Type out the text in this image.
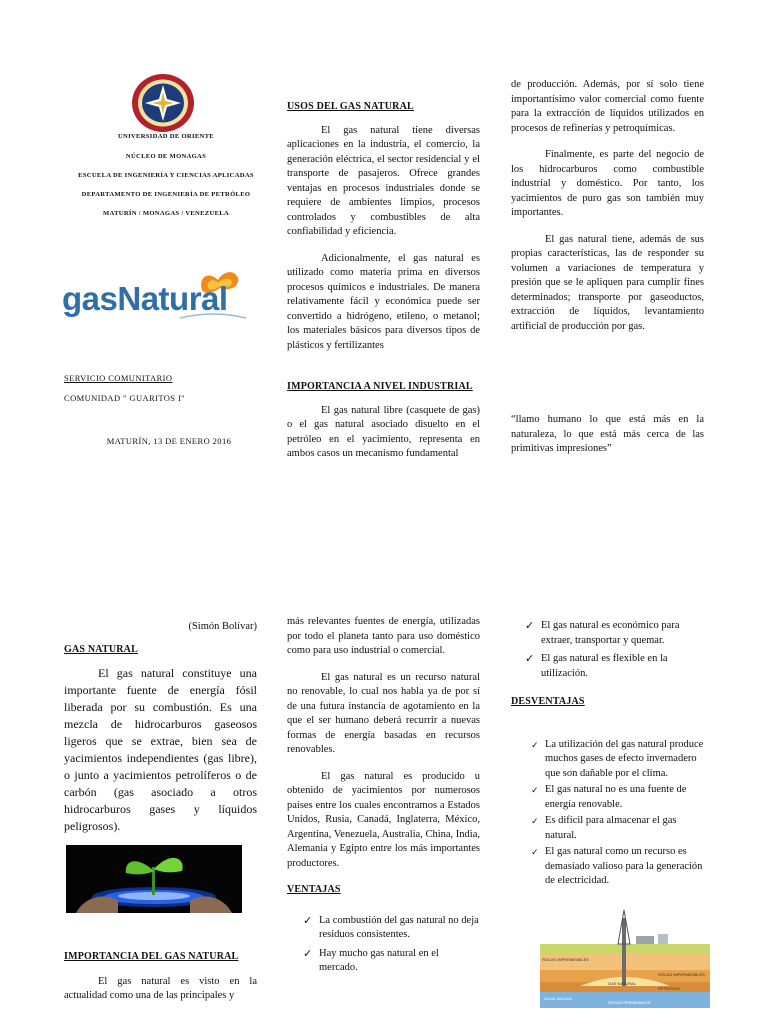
UNIVERSIDAD DE ORIENTE
NÚCLEO DE MONAGAS
ESCUELA DE INGENIERÍA Y CIENCIAS APLICADAS
DEPARTAMENTO DE INGENIERÍA DE PETRÓLEO
MATURÍN / MONAGAS / VENEZUELA
gasNatural
SERVICIO COMUNITARIO
COMUNIDAD " GUARITOS I"
MATURÍN, 13 DE ENERO 2016
USOS DEL GAS NATURAL

El gas natural tiene diversas aplicaciones en la industria, el comercio, la generación eléctrica, el sector residencial y el transporte de pasajeros. Ofrece grandes ventajas en procesos industriales donde se requiere de ambientes limpios, procesos controlados y combustibles de alta confiabilidad y eficiencia.

Adicionalmente, el gas natural es utilizado como materia prima en diversos procesos químicos e industriales. De manera relativamente fácil y económica puede ser convertido a hidrógeno, etileno, o metanol; los materiales básicos para diversos tipos de plásticos y fertilizantes

IMPORTANCIA A NIVEL INDUSTRIAL

El gas natural libre (casquete de gas) o el gas natural asociado disuelto en el petróleo en el yacimiento, representa en ambos casos un mecanismo fundamental

de producción. Además, por sí solo tiene importantísimo valor comercial como fuente para la extracción de líquidos utilizados en procesos de refinerías y petroquímicas.

Finalmente, es parte del negocio de los hidrocarburos como combustible industrial y doméstico. Por tanto, los yacimientos de puro gas son también muy importantes.

El gas natural tiene, además de sus propias características, las de responder su volumen a variaciones de temperatura y presión que se le apliquen para cumplir fines determinados; transporte por gaseoductos, extracción de líquidos, levantamiento artificial de producción por gas.

“llamo humano lo que está más en la naturaleza, lo que está más cerca de las primitivas impresiones”

(Simón Bolívar)
GAS NATURAL

El gas natural constituye una importante fuente de energía fósil liberada por su combustión. Es una mezcla de hidrocarburos gaseosos ligeros que se extrae, bien sea de yacimientos independientes (gas libre), o junto a yacimientos petrolíferos o de carbón (gas asociado a otros hidrocarburos gases y líquidos peligrosos).

IMPORTANCIA DEL GAS NATURAL

El gas natural es visto en la actualidad como una de las principales y

más relevantes fuentes de energía, utilizadas por todo el planeta tanto para uso doméstico como para uso industrial o comercial.

El gas natural es un recurso natural no renovable, lo cual nos habla ya de por sí de una futura instancia de agotamiento en la que el ser humano deberá recurrir a nuevas formas de energía basadas en recursos renovables.

El gas natural es producido u obtenido de yacimientos por numerosos países entre los cuales encontramos a Estados Unidos, Rusia, Canadá, Inglaterra, México, Argentina, Venezuela, Australia, China, India, Alemania y Egipto entre los más importantes productores.

VENTAJAS
✓ La combustión del gas natural no deja residuos consistentes.
✓ Hay mucho gas natural en el mercado.
✓ El gas natural es económico para extraer, transportar y quemar.
✓ El gas natural es flexible en la utilización.
DESVENTAJAS
✓ La utilización del gas natural produce muchos gases de efecto invernadero que son dañable por el clima.
✓ El gas natural no es una fuente de energía renovable.
✓ Es difícil para almacenar el gas natural.
✓ El gas natural como un recurso es demasiado valioso para la generación de electricidad.
ROCAS IMPERMEABLES
ROCAS IMPERMEABLES
GAS NATURAL
PETRÓLEO
AGUA SALADA
ROCAS PERMEABLES
